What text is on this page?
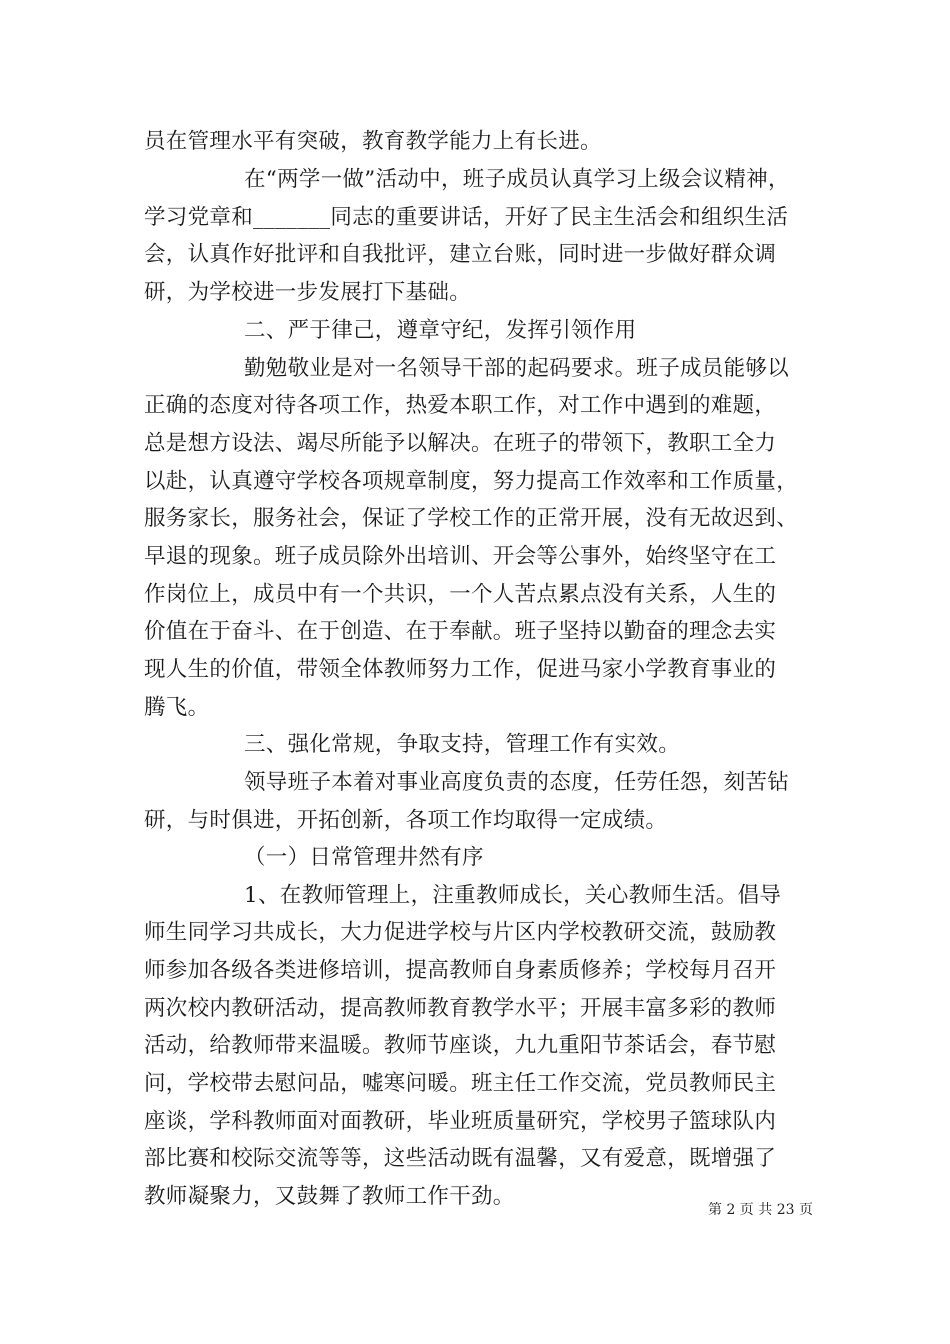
员在管理水平有突破，教育教学能力上有长进。
在“两学一做”活动中，班子成员认真学习上级会议精神，
学习党章和_______同志的重要讲话，开好了民主生活会和组织生活
会，认真作好批评和自我批评，建立台账，同时进一步做好群众调
研，为学校进一步发展打下基础。
二、严于律己，遵章守纪，发挥引领作用
勤勉敬业是对一名领导干部的起码要求。班子成员能够以
正确的态度对待各项工作，热爱本职工作，对工作中遇到的难题，
总是想方设法、竭尽所能予以解决。在班子的带领下，教职工全力
以赴，认真遵守学校各项规章制度，努力提高工作效率和工作质量，
服务家长，服务社会，保证了学校工作的正常开展，没有无故迟到、
早退的现象。班子成员除外出培训、开会等公事外，始终坚守在工
作岗位上，成员中有一个共识，一个人苦点累点没有关系，人生的
价值在于奋斗、在于创造、在于奉献。班子坚持以勤奋的理念去实
现人生的价值，带领全体教师努力工作，促进马家小学教育事业的
腾飞。
三、强化常规，争取支持，管理工作有实效。
领导班子本着对事业高度负责的态度，任劳任怨，刻苦钻
研，与时俱进，开拓创新，各项工作均取得一定成绩。
（一）日常管理井然有序
1、在教师管理上，注重教师成长，关心教师生活。倡导
师生同学习共成长，大力促进学校与片区内学校教研交流，鼓励教
师参加各级各类进修培训，提高教师自身素质修养；学校每月召开
两次校内教研活动，提高教师教育教学水平；开展丰富多彩的教师
活动，给教师带来温暖。教师节座谈，九九重阳节茶话会，春节慰
问，学校带去慰问品，嘘寒问暖。班主任工作交流，党员教师民主
座谈，学科教师面对面教研，毕业班质量研究，学校男子篮球队内
部比赛和校际交流等等，这些活动既有温馨，又有爱意，既增强了
教师凝聚力，又鼓舞了教师工作干劲。
第 2 页 共 23 页
